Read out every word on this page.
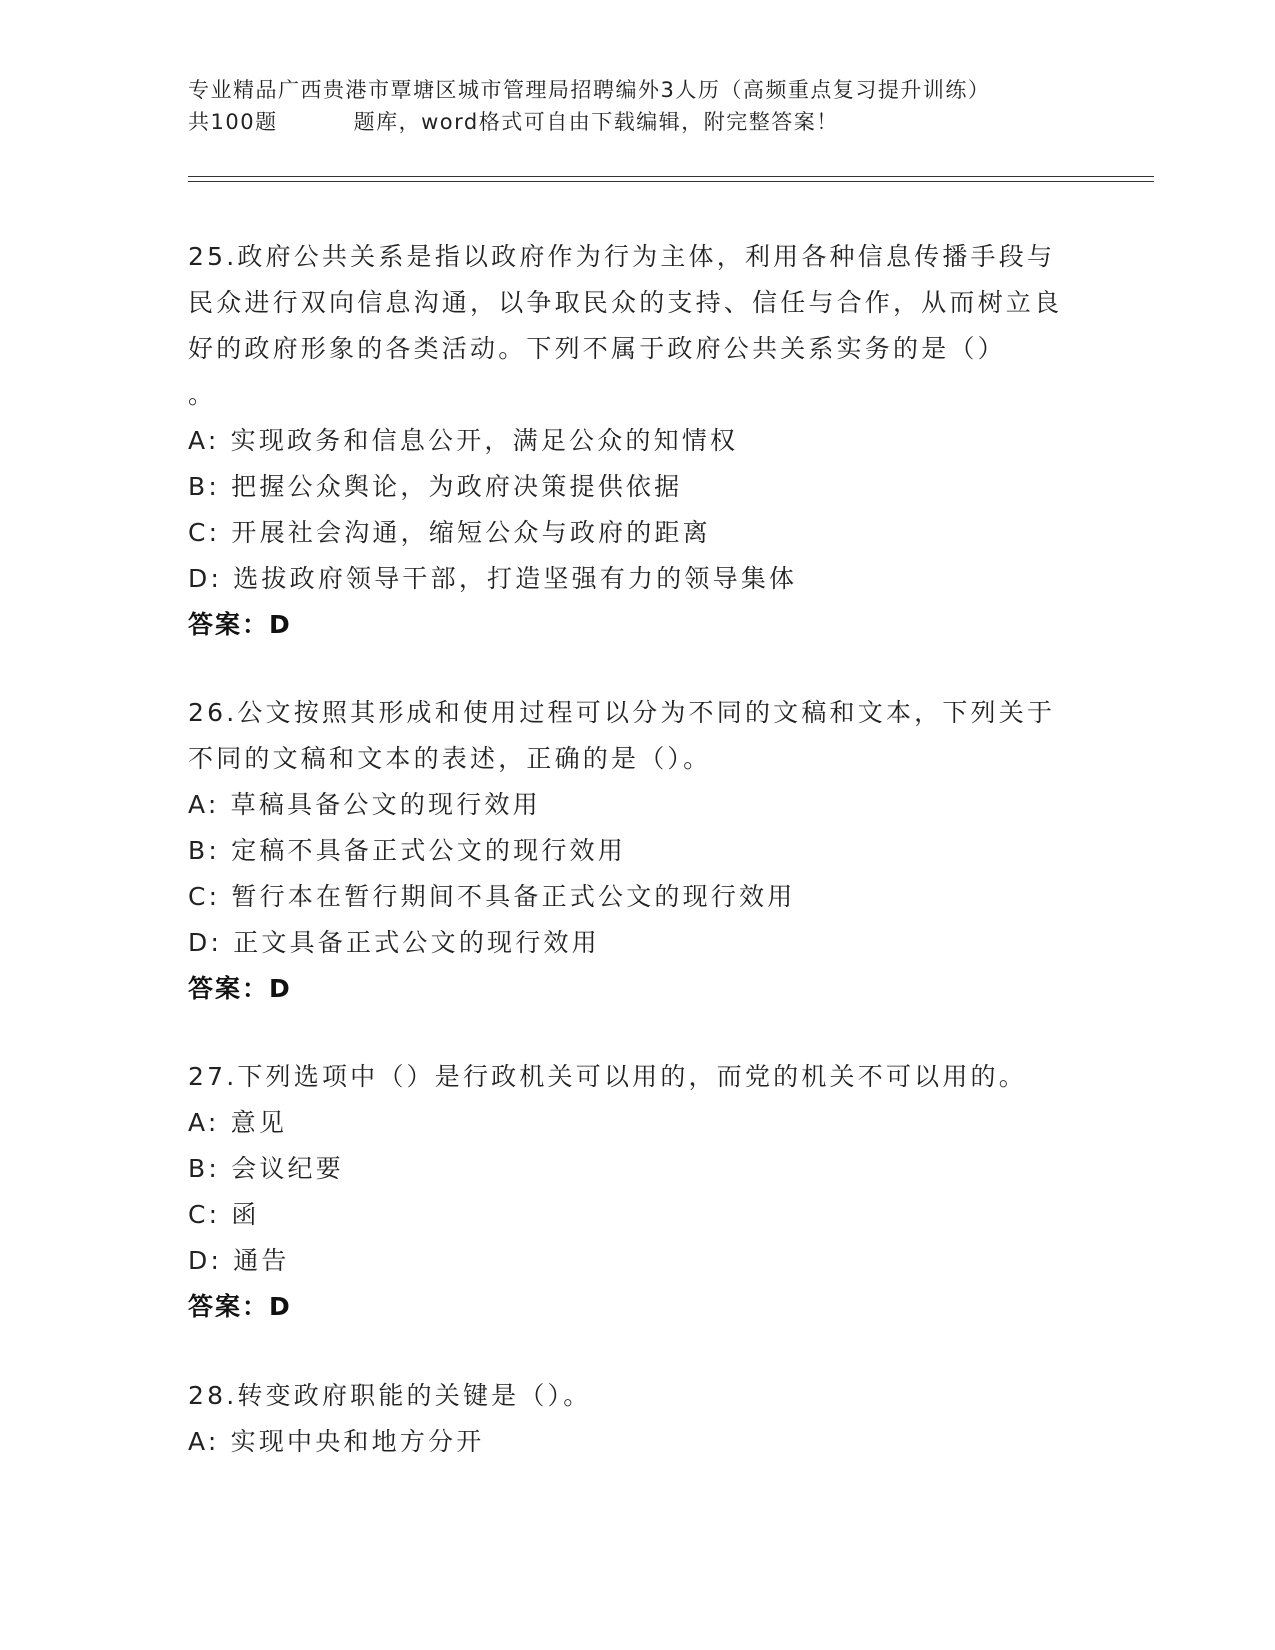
专业精品广西贵港市覃塘区城市管理局招聘编外3人历（高频重点复习提升训练）
共100题	题库，word格式可自由下载编辑，附完整答案！
25.政府公共关系是指以政府作为行为主体，利用各种信息传播手段与民众进行双向信息沟通，以争取民众的支持、信任与合作，从而树立良好的政府形象的各类活动。下列不属于政府公共关系实务的是（）
。
A: 实现政务和信息公开，满足公众的知情权
B: 把握公众舆论，为政府决策提供依据
C: 开展社会沟通，缩短公众与政府的距离
D: 选拔政府领导干部，打造坚强有力的领导集体
答案：D
26.公文按照其形成和使用过程可以分为不同的文稿和文本，下列关于不同的文稿和文本的表述，正确的是（）。
A: 草稿具备公文的现行效用
B: 定稿不具备正式公文的现行效用
C: 暂行本在暂行期间不具备正式公文的现行效用
D: 正文具备正式公文的现行效用
答案：D
27.下列选项中（）是行政机关可以用的，而党的机关不可以用的。
A: 意见
B: 会议纪要
C: 函
D: 通告
答案：D
28.转变政府职能的关键是（）。
A: 实现中央和地方分开
